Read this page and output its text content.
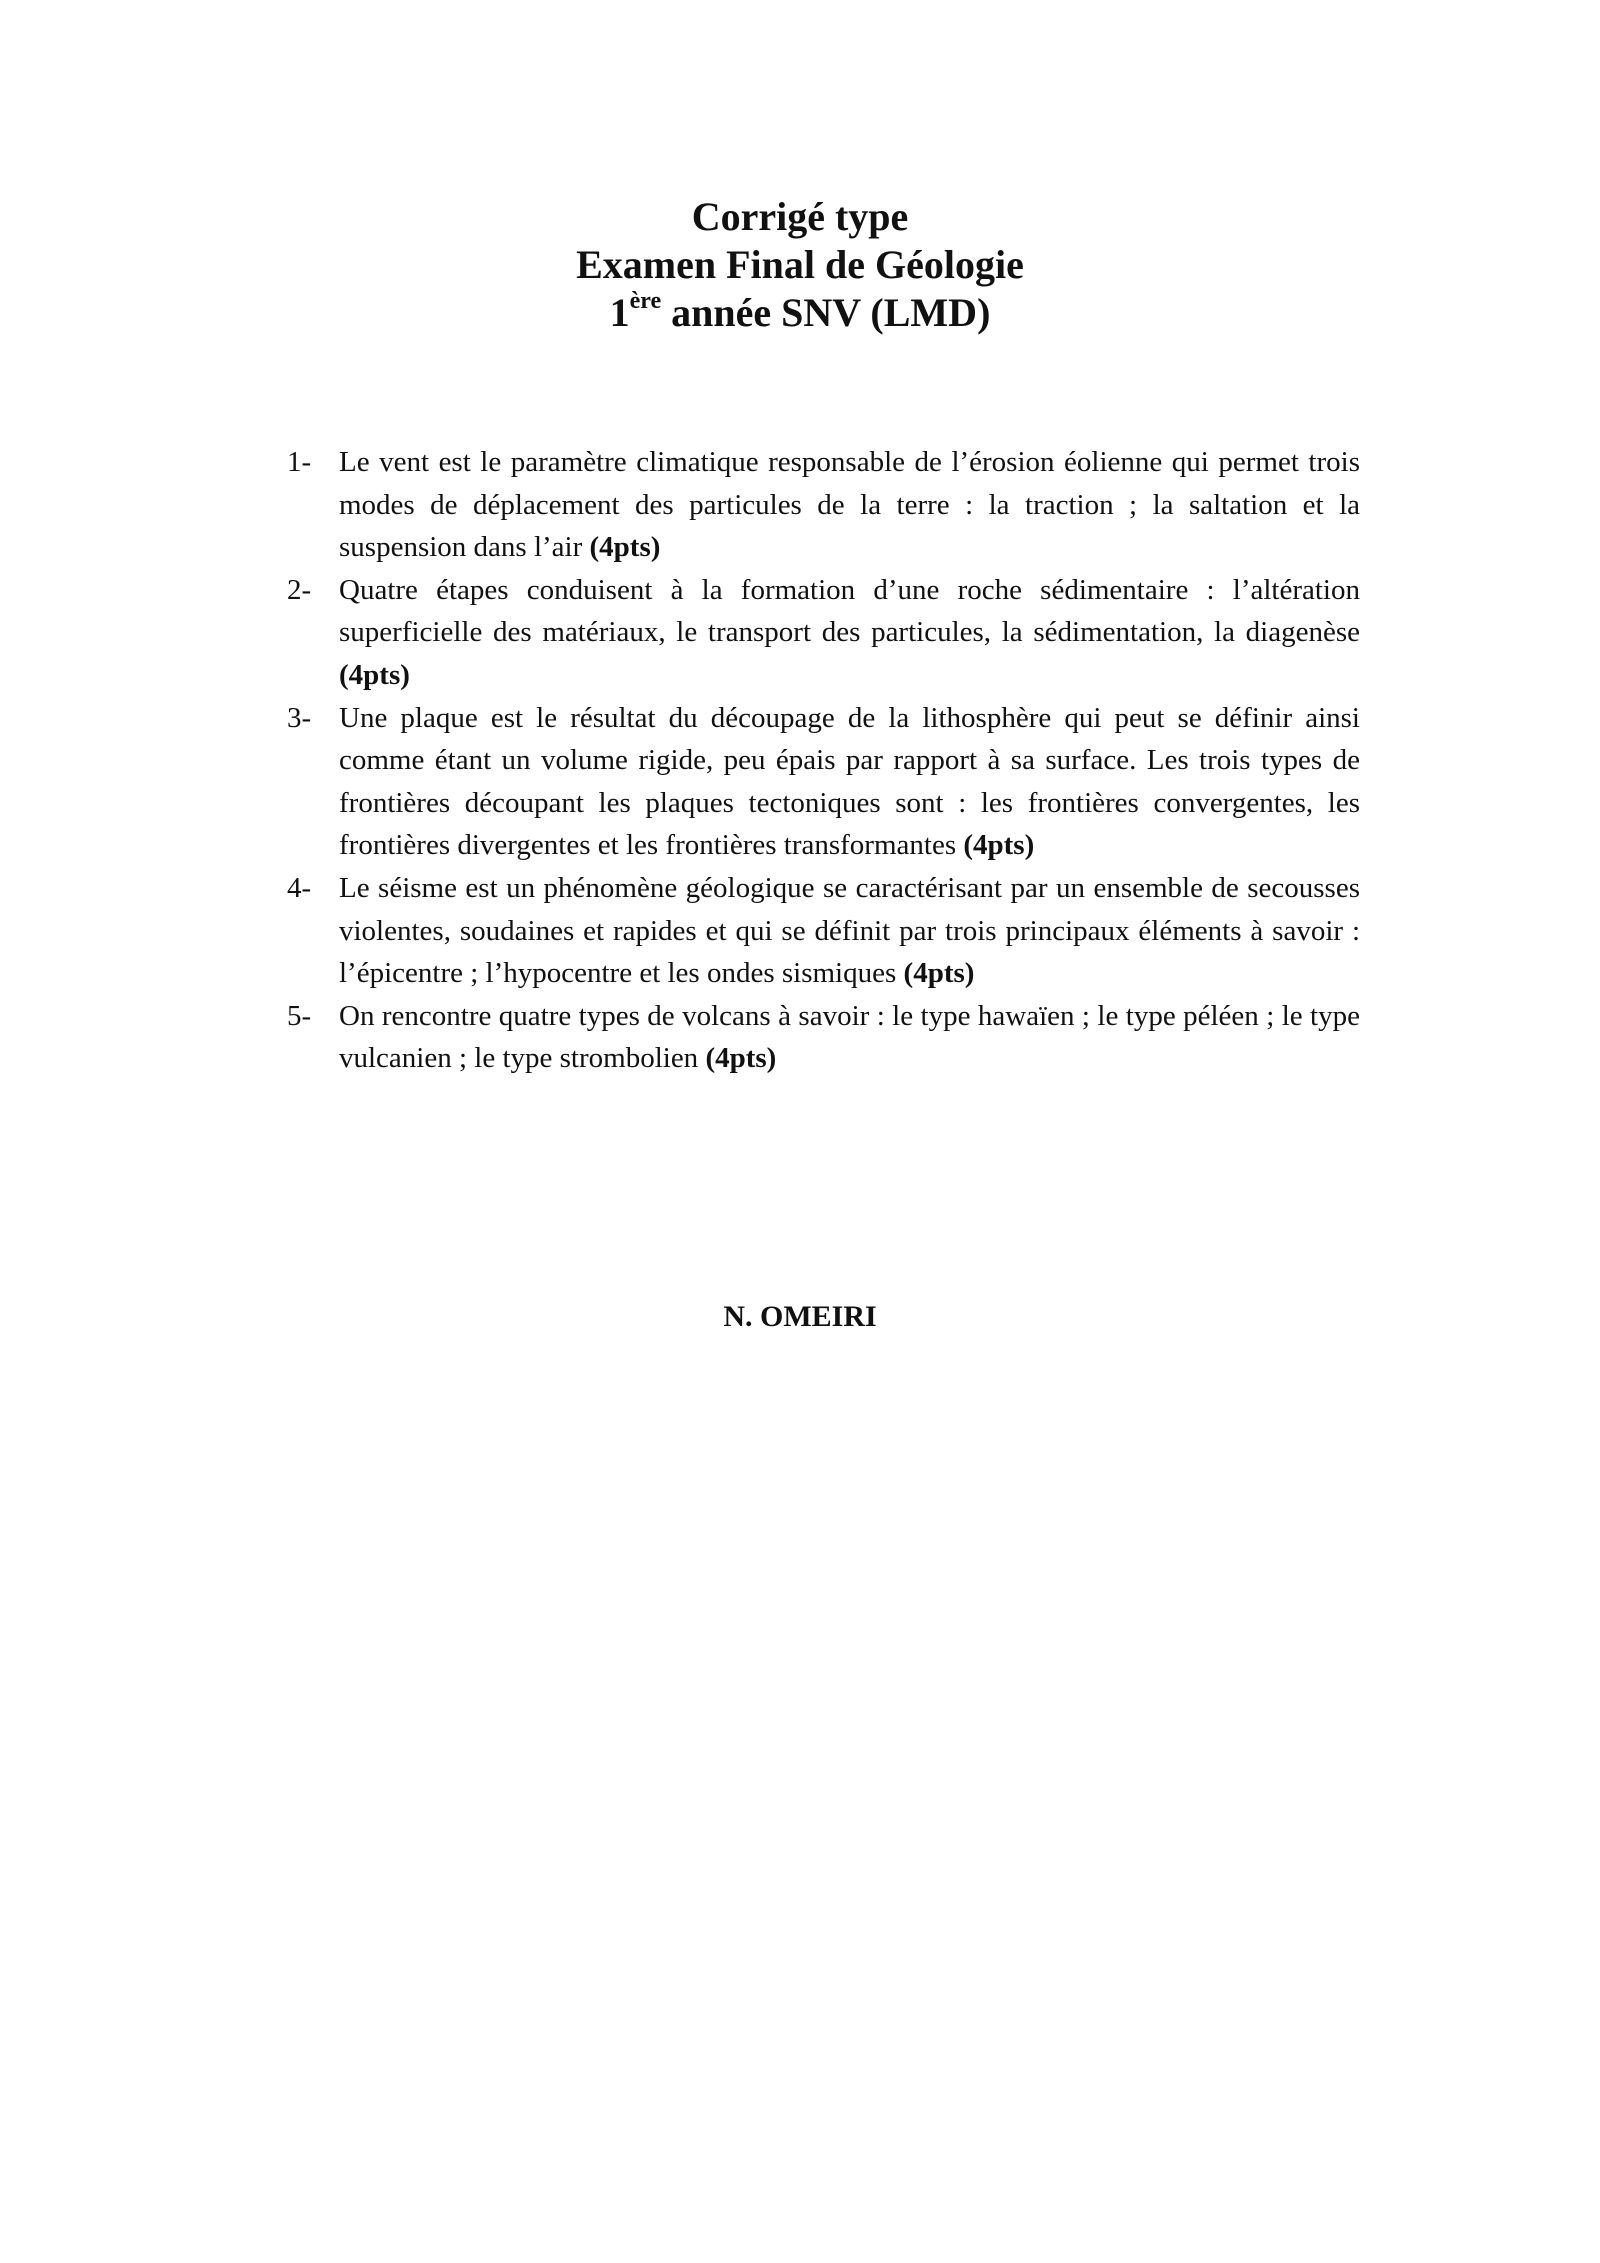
Corrigé type
Examen Final de Géologie
1ère année SNV (LMD)
1- Le vent est le paramètre climatique responsable de l’érosion éolienne qui permet trois modes de déplacement des particules de la terre : la traction ; la saltation et la suspension dans l’air (4pts)
2- Quatre étapes conduisent à la formation d’une roche sédimentaire : l’altération superficielle des matériaux, le transport des particules, la sédimentation, la diagenèse (4pts)
3- Une plaque est le résultat du découpage de la lithosphère qui peut se définir ainsi comme étant un volume rigide, peu épais par rapport à sa surface. Les trois types de frontières découpant les plaques tectoniques sont : les frontières convergentes, les frontières divergentes et les frontières transformantes (4pts)
4- Le séisme est un phénomène géologique se caractérisant par un ensemble de secousses violentes, soudaines et rapides et qui se définit par trois principaux éléments à savoir : l’épicentre ; l’hypocentre et les ondes sismiques (4pts)
5- On rencontre quatre types de volcans à savoir : le type hawaïen ; le type péléen ; le type vulcanien ; le type strombolien (4pts)
N. OMEIRI
